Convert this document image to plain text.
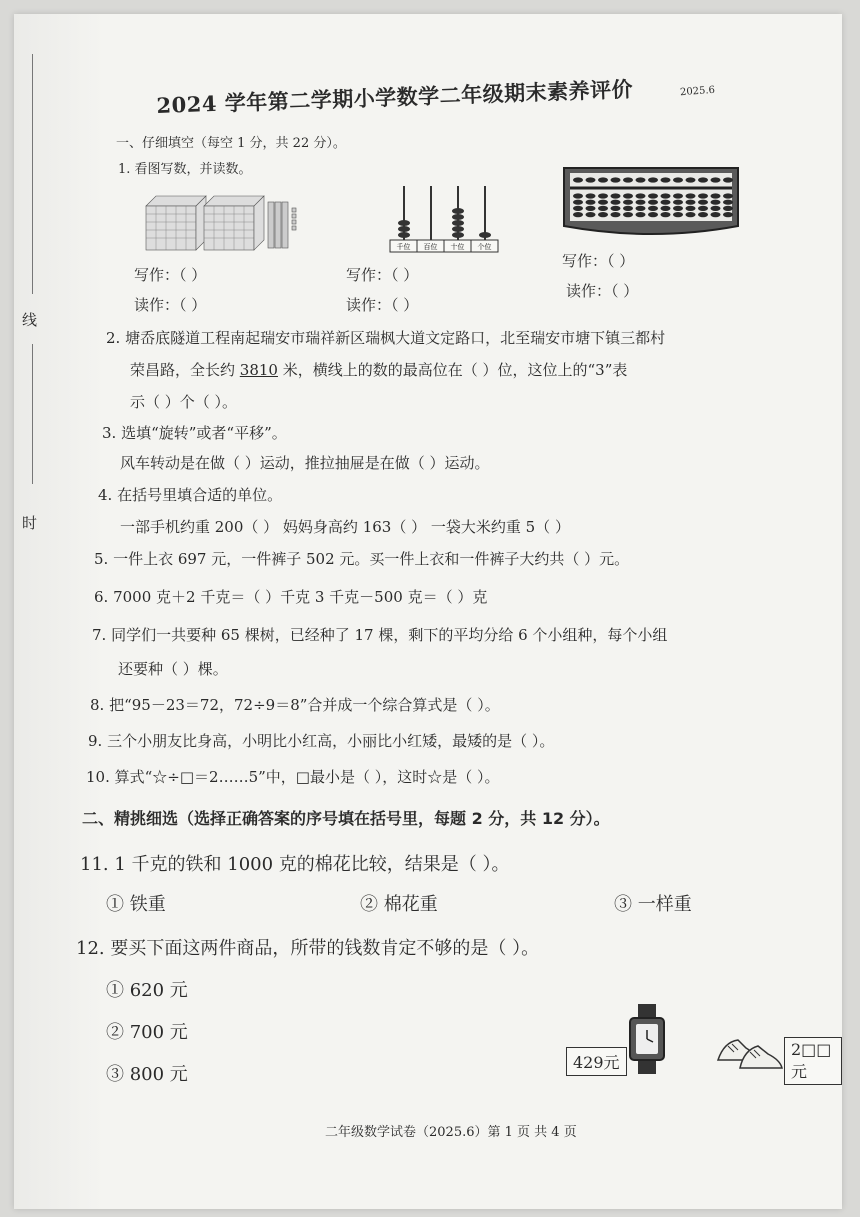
线
时
2024 学年第二学期小学数学二年级期末素养评价	2025.6
一、仔细填空（每空 1 分，共 22 分）。
1. 看图写数，并读数。
千位 百位 十位 个位
写作：（ ）
读作：（ ）
写作：（ ）
读作：（ ）
写作：（ ）
读作：（ ）
2. 塘岙底隧道工程南起瑞安市瑞祥新区瑞枫大道文定路口，北至瑞安市塘下镇三都村
荣昌路，全长约 3810 米，横线上的数的最高位在（ ）位，这位上的“3”表
示（ ）个（ ）。
3. 选填“旋转”或者“平移”。
风车转动是在做（ ）运动，推拉抽屉是在做（ ）运动。
4. 在括号里填合适的单位。
一部手机约重 200（ ） 妈妈身高约 163（ ） 一袋大米约重 5（ ）
5. 一件上衣 697 元，一件裤子 502 元。买一件上衣和一件裤子大约共（ ）元。
6. 7000 克＋2 千克＝（ ）千克 3 千克－500 克＝（ ）克
7. 同学们一共要种 65 棵树，已经种了 17 棵，剩下的平均分给 6 个小组种，每个小组
还要种（ ）棵。
8. 把“95－23＝72，72÷9＝8”合并成一个综合算式是（ ）。
9. 三个小朋友比身高，小明比小红高，小丽比小红矮，最矮的是（ ）。
10. 算式“☆÷□＝2……5”中，□最小是（ ），这时☆是（ ）。
二、精挑细选（选择正确答案的序号填在括号里，每题 2 分，共 12 分）。
11. 1 千克的铁和 1000 克的棉花比较，结果是（ ）。
① 铁重	② 棉花重	③ 一样重
12. 要买下面这两件商品，所带的钱数肯定不够的是（ ）。
① 620 元
② 700 元
③ 800 元
429元
2□□元
二年级数学试卷（2025.6）第 1 页 共 4 页
